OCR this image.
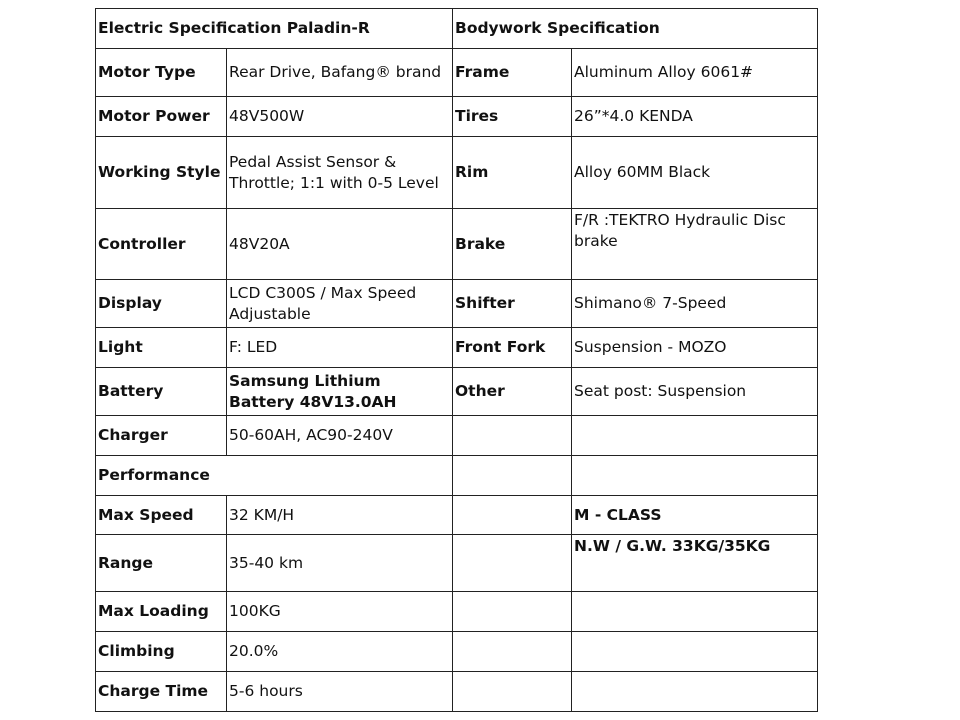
Electric Specification Paladin-R		Bodywork Specification	
Motor Type	Rear Drive, Bafang® brand	Frame	Aluminum Alloy 6061#
Motor Power	48V500W	Tires	26”*4.0 KENDA
Working Style	Pedal Assist Sensor & Throttle; 1:1 with 0-5 Level	Rim	Alloy 60MM Black
Controller	48V20A	Brake	F/R :TEKTRO Hydraulic Disc brake
Display	LCD C300S / Max Speed Adjustable	Shifter	Shimano® 7-Speed
Light	F: LED	Front Fork	Suspension - MOZO
Battery	Samsung Lithium Battery 48V13.0AH	Other	Seat post: Suspension
Charger	50-60AH, AC90-240V		
Performance			
Max Speed	32 KM/H		M - CLASS
Range	35-40 km		N.W / G.W. 33KG/35KG
Max Loading	100KG		
Climbing	20.0%		
Charge Time	5-6 hours		
